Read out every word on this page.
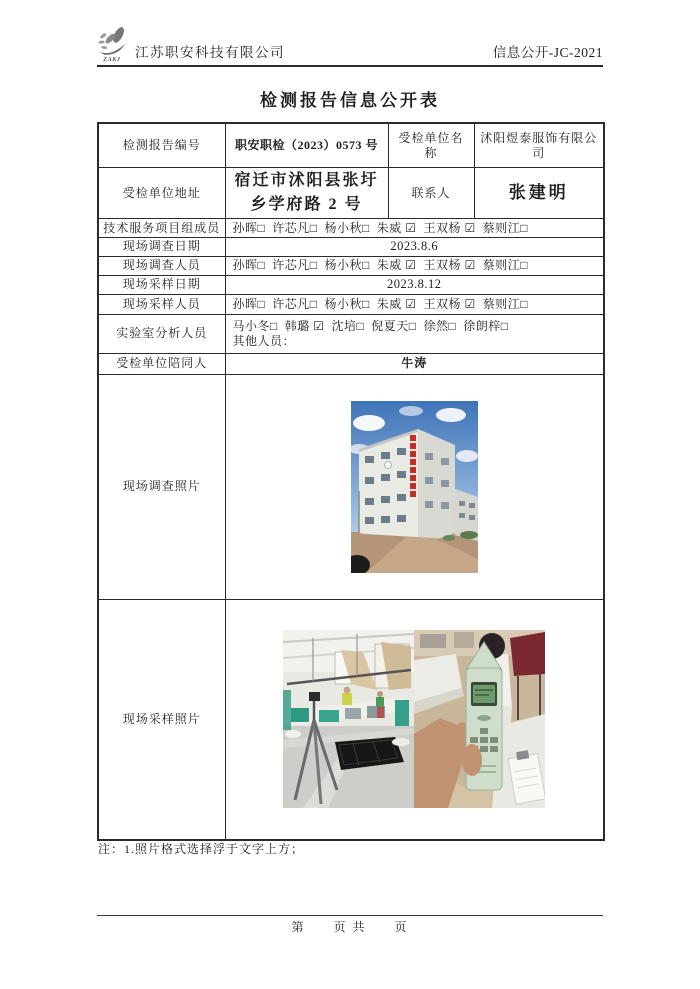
ZAKJ 江苏职安科技有限公司	信息公开-JC-2021
检测报告信息公开表
检测报告编号	职安职检（2023）0573 号	受检单位名称	沭阳煜泰服饰有限公司
受检单位地址	宿迁市沭阳县张圩乡学府路 2 号	联系人	张建明
技术服务项目组成员	孙晖□  许芯凡□  杨小秋□  朱威 ☑  王双杨 ☑  蔡则江□		
现场调查日期	2023.8.6		
现场调查人员	孙晖□  许芯凡□  杨小秋□  朱威 ☑  王双杨 ☑  蔡则江□		
现场采样日期	2023.8.12		
现场采样人员	孙晖□  许芯凡□  杨小秋□  朱威 ☑  王双杨 ☑  蔡则江□		
实验室分析人员	马小冬□  韩璐 ☑  沈培□  倪夏天□  徐然□  徐朗梓□
其他人员：		

受检单位陪同人	牛涛		
现场调查照片	

现场采样照片	
注：1.照片格式选择浮于文字上方；
第　　页 共　　页
